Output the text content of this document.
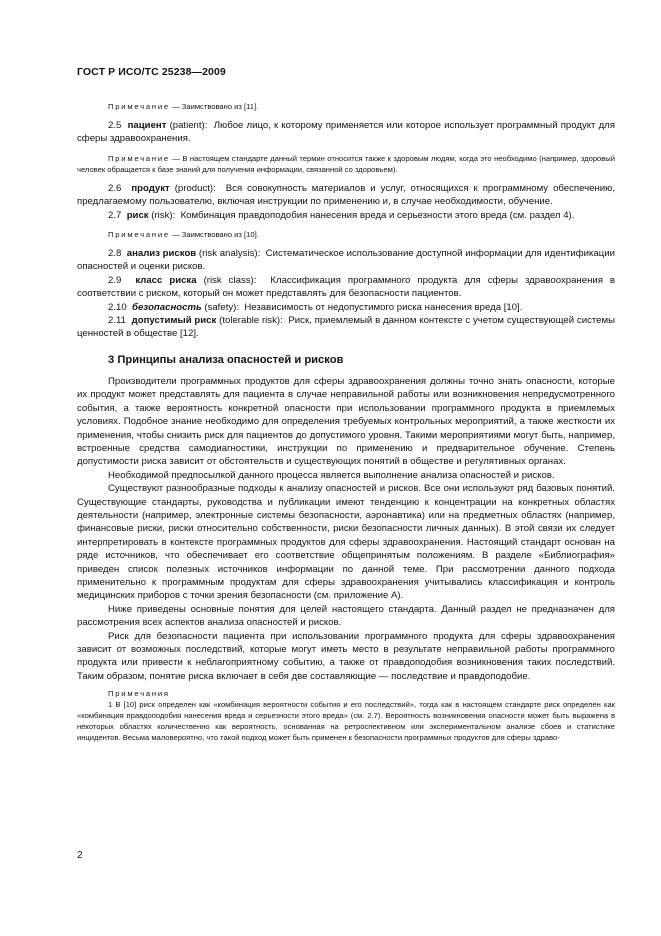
ГОСТ Р ИСО/ТС 25238—2009

Примечание — Заимствовано из [11].

2.5 пациент (patient): Любое лицо, к которому применяется или которое использует программный продукт для сферы здравоохранения.

Примечание — В настоящем стандарте данный термин относится также к здоровым людям, когда это необходимо (например, здоровый человек обращается к базе знаний для получения информации, связанной со здоровьем).

2.6 продукт (product): Вся совокупность материалов и услуг, относящихся к программному обеспечению, предлагаемому пользователю, включая инструкции по применению и, в случае необходимости, обучение.

2.7 риск (risk): Комбинация правдоподобия нанесения вреда и серьезности этого вреда (см. раздел 4).

Примечание — Заимствовано из [10].

2.8 анализ рисков (risk analysis): Систематическое использование доступной информации для идентификации опасностей и оценки рисков.

2.9 класс риска (risk class): Классификация программного продукта для сферы здравоохранения в соответствии с риском, который он может представлять для безопасности пациентов.

2.10 безопасность (safety): Независимость от недопустимого риска нанесения вреда [10].

2.11 допустимый риск (tolerable risk): Риск, приемлемый в данном контексте с учетом существующей системы ценностей в обществе [12].

3 Принципы анализа опасностей и рисков

Производители программных продуктов для сферы здравоохранения должны точно знать опасности, которые их продукт может представлять для пациента в случае неправильной работы или возникновения непредусмотренного события, а также вероятность конкретной опасности при использовании программного продукта в приемлемых условиях. Подобное знание необходимо для определения требуемых контрольных мероприятий, а также жесткости их применения, чтобы снизить риск для пациентов до допустимого уровня. Такими мероприятиями могут быть, например, встроенные средства самодиагностики, инструкции по применению и предварительное обучение. Степень допустимости риска зависит от обстоятельств и существующих понятий в обществе и регулятивных органах.

Необходимой предпосылкой данного процесса является выполнение анализа опасностей и рисков.

Существуют разнообразные подходы к анализу опасностей и рисков. Все они используют ряд базовых понятий. Существующие стандарты, руководства и публикации имеют тенденцию к концентрации на конкретных областях деятельности (например, электронные системы безопасности, аэронавтика) или на предметных областях (например, финансовые риски, риски относительно собственности, риски безопасности личных данных). В этой связи их следует интерпретировать в контексте программных продуктов для сферы здравоохранения. Настоящий стандарт основан на ряде источников, что обеспечивает его соответствие общепринятым положениям. В разделе «Библиография» приведен список полезных источников информации по данной теме. При рассмотрении данного подхода применительно к программным продуктам для сферы здравоохранения учитывались классификация и контроль медицинских приборов с точки зрения безопасности (см. приложение А).

Ниже приведены основные понятия для целей настоящего стандарта. Данный раздел не предназначен для рассмотрения всех аспектов анализа опасностей и рисков.

Риск для безопасности пациента при использовании программного продукта для сферы здравоохранения зависит от возможных последствий, которые могут иметь место в результате неправильной работы программного продукта или привести к неблагоприятному событию, а также от правдоподобия возникновения таких последствий. Таким образом, понятие риска включает в себя две составляющие — последствие и правдоподобие.

Примечания

1 В [10] риск определен как «комбинация вероятности события и его последствий», тогда как в настоящем стандарте риск определен как «комбинация правдоподобия нанесения вреда и серьезности этого вреда» (см. 2.7). Вероятность возникновения опасности может быть выражена в некоторых областях количественно как вероятность, основанная на ретроспективном или экспериментальном анализе сбоев и статистике инцидентов. Весьма маловероятно, что такой подход может быть применен к безопасности программных продуктов для сферы здраво-

2
